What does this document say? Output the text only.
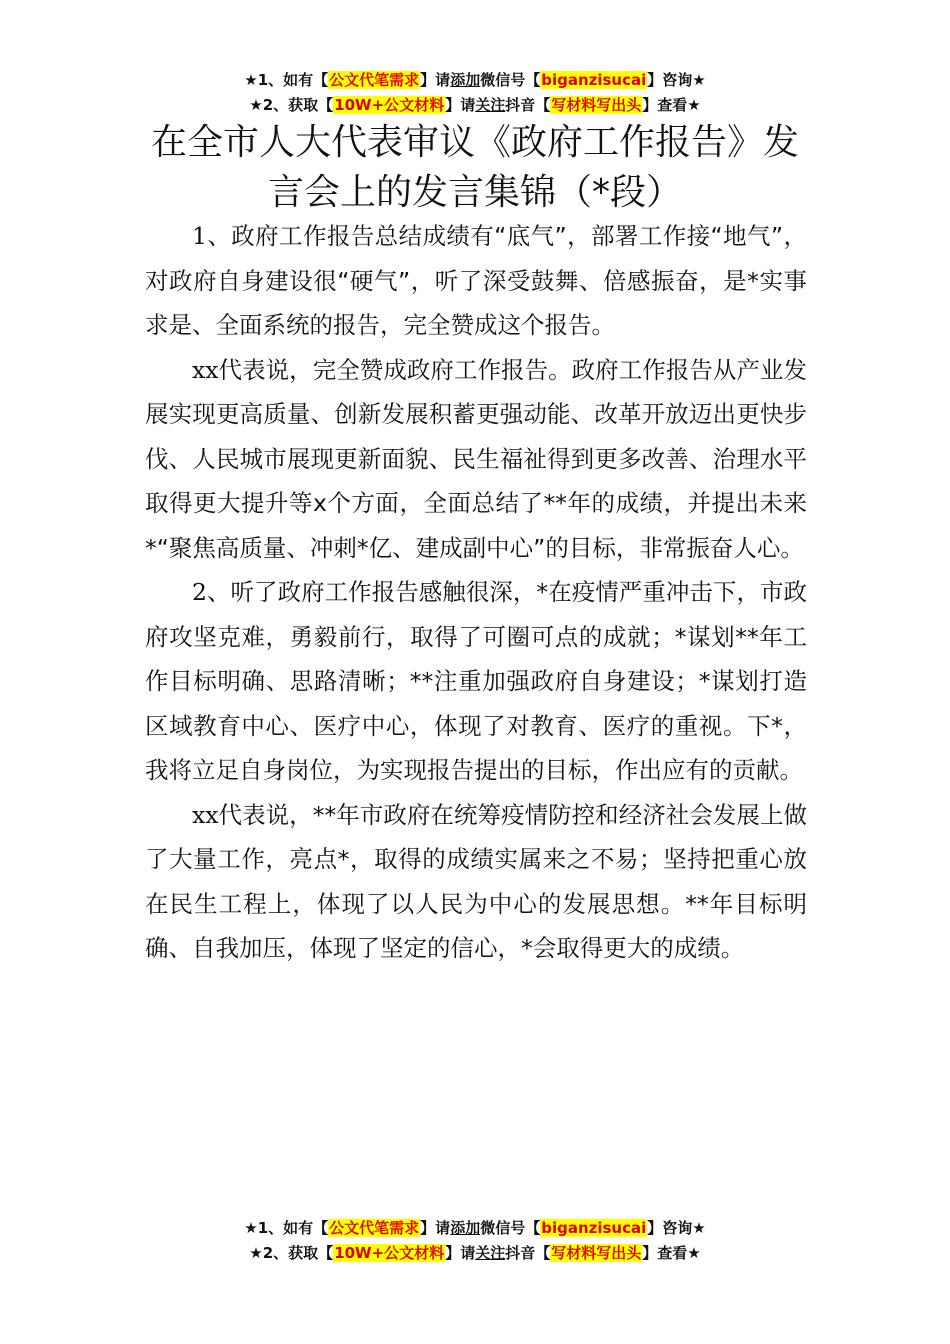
★1、如有【公文代笔需求】请添加微信号【biganzisucai】咨询★
★2、获取【10W+公文材料】请关注抖音【写材料写出头】查看★
在全市人大代表审议《政府工作报告》发言会上的发言集锦（*段）

1、政府工作报告总结成绩有“底气”，部署工作接“地气”，对政府自身建设很“硬气”，听了深受鼓舞、倍感振奋，是*实事求是、全面系统的报告，完全赞成这个报告。

xx代表说，完全赞成政府工作报告。政府工作报告从产业发展实现更高质量、创新发展积蓄更强动能、改革开放迈出更快步伐、人民城市展现更新面貌、民生福祉得到更多改善、治理水平取得更大提升等x个方面，全面总结了**年的成绩，并提出未来*“聚焦高质量、冲刺*亿、建成副中心”的目标，非常振奋人心。

2、听了政府工作报告感触很深，*在疫情严重冲击下，市政府攻坚克难，勇毅前行，取得了可圈可点的成就；*谋划**年工作目标明确、思路清晰；**注重加强政府自身建设；*谋划打造区域教育中心、医疗中心，体现了对教育、医疗的重视。下*，我将立足自身岗位，为实现报告提出的目标，作出应有的贡献。

xx代表说，**年市政府在统筹疫情防控和经济社会发展上做了大量工作，亮点*，取得的成绩实属来之不易；坚持把重心放在民生工程上，体现了以人民为中心的发展思想。**年目标明确、自我加压，体现了坚定的信心，*会取得更大的成绩。

★1、如有【公文代笔需求】请添加微信号【biganzisucai】咨询★
★2、获取【10W+公文材料】请关注抖音【写材料写出头】查看★
